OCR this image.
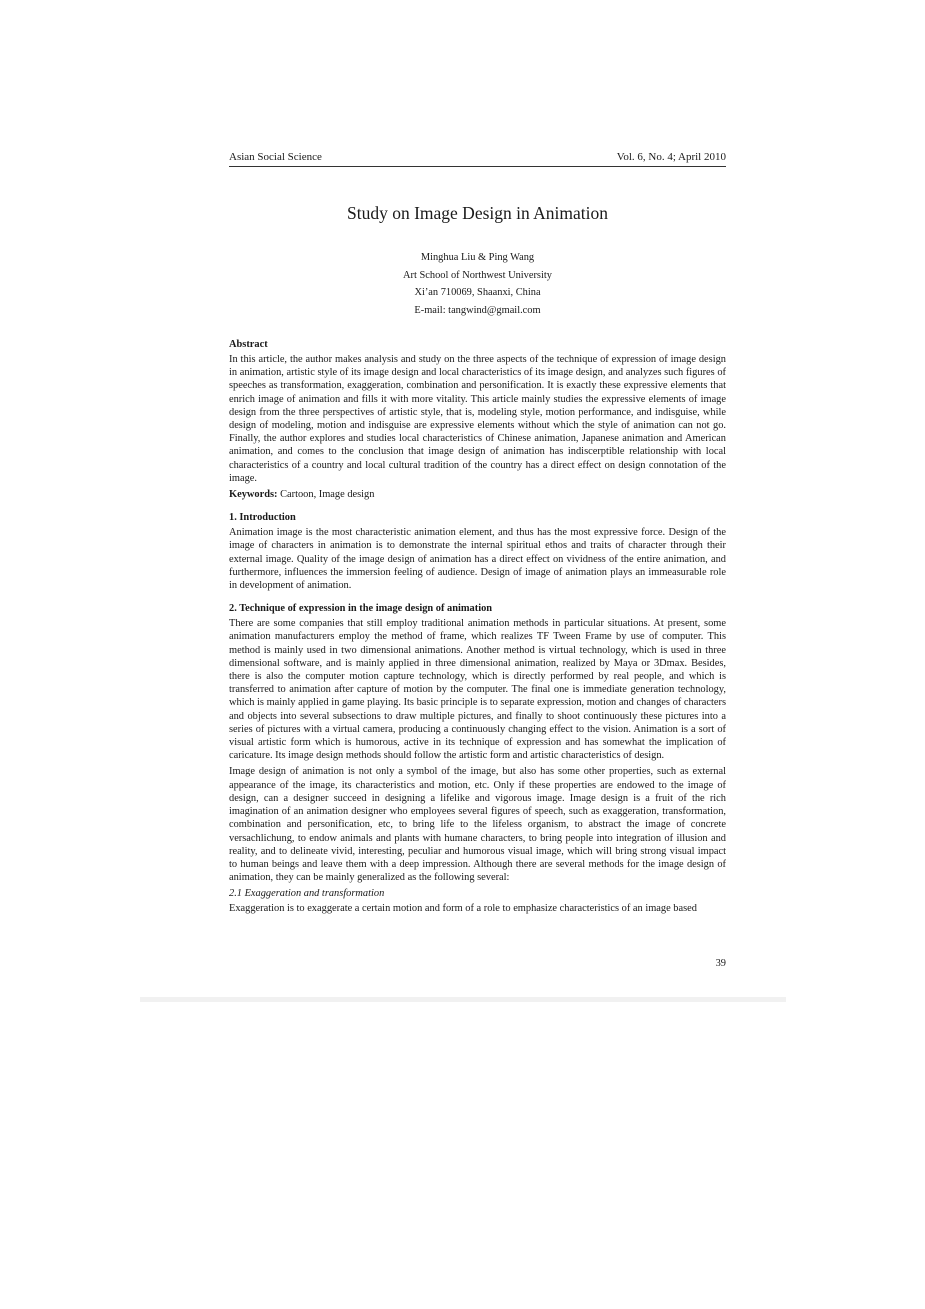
Asian Social Science	Vol. 6, No. 4; April 2010
Study on Image Design in Animation
Minghua Liu & Ping Wang
Art School of Northwest University
Xi’an 710069, Shaanxi, China
E-mail: tangwind@gmail.com
Abstract

In this article, the author makes analysis and study on the three aspects of the technique of expression of image design in animation, artistic style of its image design and local characteristics of its image design, and analyzes such figures of speeches as transformation, exaggeration, combination and personification. It is exactly these expressive elements that enrich image of animation and fills it with more vitality. This article mainly studies the expressive elements of image design from the three perspectives of artistic style, that is, modeling style, motion performance, and indisguise, while design of modeling, motion and indisguise are expressive elements without which the style of animation can not go. Finally, the author explores and studies local characteristics of Chinese animation, Japanese animation and American animation, and comes to the conclusion that image design of animation has indiscerptible relationship with local characteristics of a country and local cultural tradition of the country has a direct effect on design connotation of the image.

Keywords: Cartoon, Image design
1. Introduction

Animation image is the most characteristic animation element, and thus has the most expressive force. Design of the image of characters in animation is to demonstrate the internal spiritual ethos and traits of character through their external image. Quality of the image design of animation has a direct effect on vividness of the entire animation, and furthermore, influences the immersion feeling of audience. Design of image of animation plays an immeasurable role in development of animation.

2. Technique of expression in the image design of animation

There are some companies that still employ traditional animation methods in particular situations. At present, some animation manufacturers employ the method of frame, which realizes TF Tween Frame by use of computer. This method is mainly used in two dimensional animations. Another method is virtual technology, which is used in three dimensional software, and is mainly applied in three dimensional animation, realized by Maya or 3Dmax. Besides, there is also the computer motion capture technology, which is directly performed by real people, and which is transferred to animation after capture of motion by the computer. The final one is immediate generation technology, which is mainly applied in game playing. Its basic principle is to separate expression, motion and changes of characters and objects into several subsections to draw multiple pictures, and finally to shoot continuously these pictures into a series of pictures with a virtual camera, producing a continuously changing effect to the vision. Animation is a sort of visual artistic form which is humorous, active in its technique of expression and has somewhat the implication of caricature. Its image design methods should follow the artistic form and artistic characteristics of design.

Image design of animation is not only a symbol of the image, but also has some other properties, such as external appearance of the image, its characteristics and motion, etc. Only if these properties are endowed to the image of design, can a designer succeed in designing a lifelike and vigorous image. Image design is a fruit of the rich imagination of an animation designer who employees several figures of speech, such as exaggeration, transformation, combination and personification, etc, to bring life to the lifeless organism, to abstract the image of concrete versachlichung, to endow animals and plants with humane characters, to bring people into integration of illusion and reality, and to delineate vivid, interesting, peculiar and humorous visual image, which will bring strong visual impact to human beings and leave them with a deep impression. Although there are several methods for the image design of animation, they can be mainly generalized as the following several:

2.1 Exaggeration and transformation

Exaggeration is to exaggerate a certain motion and form of a role to emphasize characteristics of an image based

39
